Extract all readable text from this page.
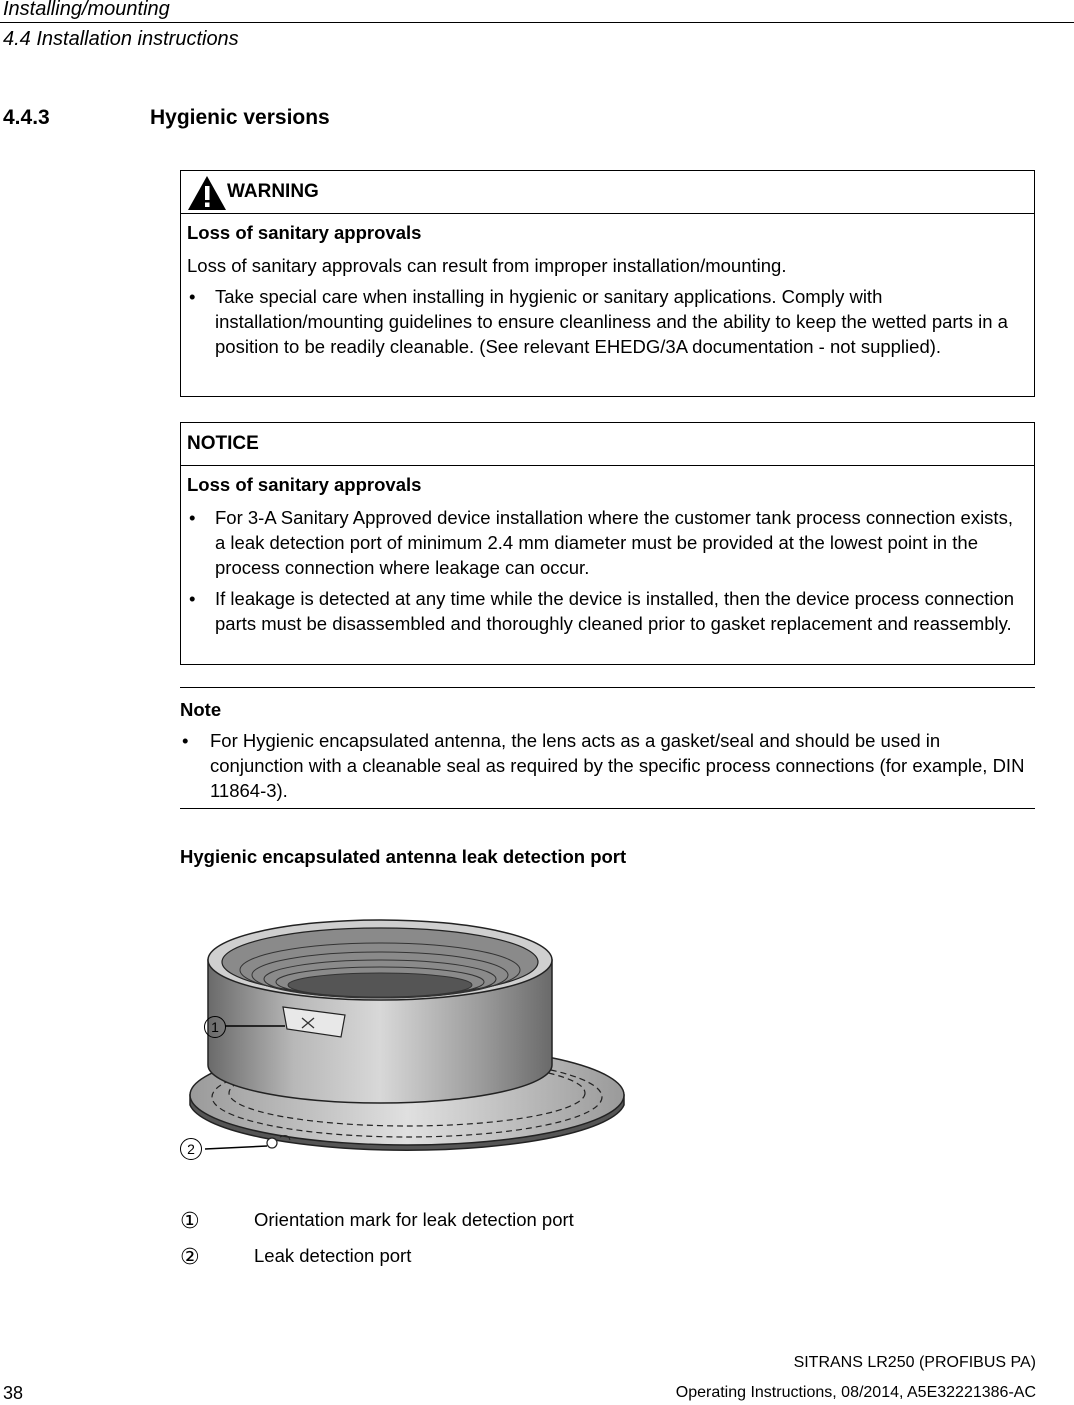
Installing/mounting
4.4 Installation instructions
4.4.3	Hygienic versions
WARNING
Loss of sanitary approvals
Loss of sanitary approvals can result from improper installation/mounting.
• Take special care when installing in hygienic or sanitary applications. Comply with installation/mounting guidelines to ensure cleanliness and the ability to keep the wetted parts in a position to be readily cleanable. (See relevant EHEDG/3A documentation - not supplied).
NOTICE
Loss of sanitary approvals
• For 3-A Sanitary Approved device installation where the customer tank process connection exists, a leak detection port of minimum 2.4 mm diameter must be provided at the lowest point in the process connection where leakage can occur.
• If leakage is detected at any time while the device is installed, then the device process connection parts must be disassembled and thoroughly cleaned prior to gasket replacement and reassembly.
Note
• For Hygienic encapsulated antenna, the lens acts as a gasket/seal and should be used in conjunction with a cleanable seal as required by the specific process connections (for example, DIN 11864-3).
Hygienic encapsulated antenna leak detection port
1
2
①	Orientation mark for leak detection port
②	Leak detection port
SITRANS LR250 (PROFIBUS PA)
38	Operating Instructions, 08/2014, A5E32221386-AC
